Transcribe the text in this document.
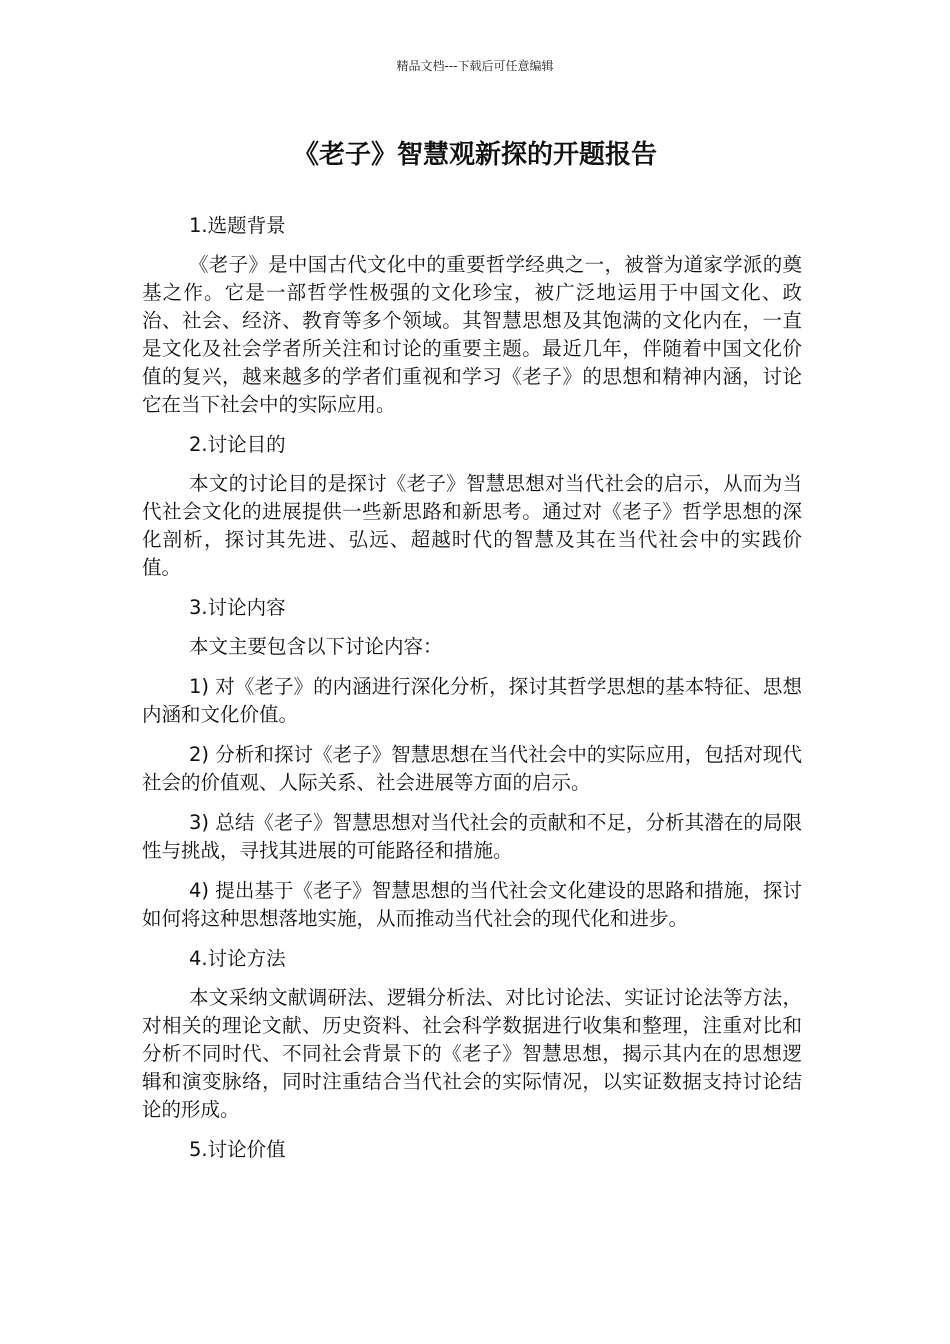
精品文档---下载后可任意编辑
《老子》智慧观新探的开题报告

1.选题背景

《老子》是中国古代文化中的重要哲学经典之一，被誉为道家学派的奠基之作。它是一部哲学性极强的文化珍宝，被广泛地运用于中国文化、政治、社会、经济、教育等多个领域。其智慧思想及其饱满的文化内在，一直是文化及社会学者所关注和讨论的重要主题。最近几年，伴随着中国文化价值的复兴，越来越多的学者们重视和学习《老子》的思想和精神内涵，讨论它在当下社会中的实际应用。

2.讨论目的

本文的讨论目的是探讨《老子》智慧思想对当代社会的启示，从而为当代社会文化的进展提供一些新思路和新思考。通过对《老子》哲学思想的深化剖析，探讨其先进、弘远、超越时代的智慧及其在当代社会中的实践价值。

3.讨论内容

本文主要包含以下讨论内容：

1) 对《老子》的内涵进行深化分析，探讨其哲学思想的基本特征、思想内涵和文化价值。

2) 分析和探讨《老子》智慧思想在当代社会中的实际应用，包括对现代社会的价值观、人际关系、社会进展等方面的启示。

3) 总结《老子》智慧思想对当代社会的贡献和不足，分析其潜在的局限性与挑战，寻找其进展的可能路径和措施。

4) 提出基于《老子》智慧思想的当代社会文化建设的思路和措施，探讨如何将这种思想落地实施，从而推动当代社会的现代化和进步。

4.讨论方法

本文采纳文献调研法、逻辑分析法、对比讨论法、实证讨论法等方法，对相关的理论文献、历史资料、社会科学数据进行收集和整理，注重对比和分析不同时代、不同社会背景下的《老子》智慧思想，揭示其内在的思想逻辑和演变脉络，同时注重结合当代社会的实际情况，以实证数据支持讨论结论的形成。

5.讨论价值
